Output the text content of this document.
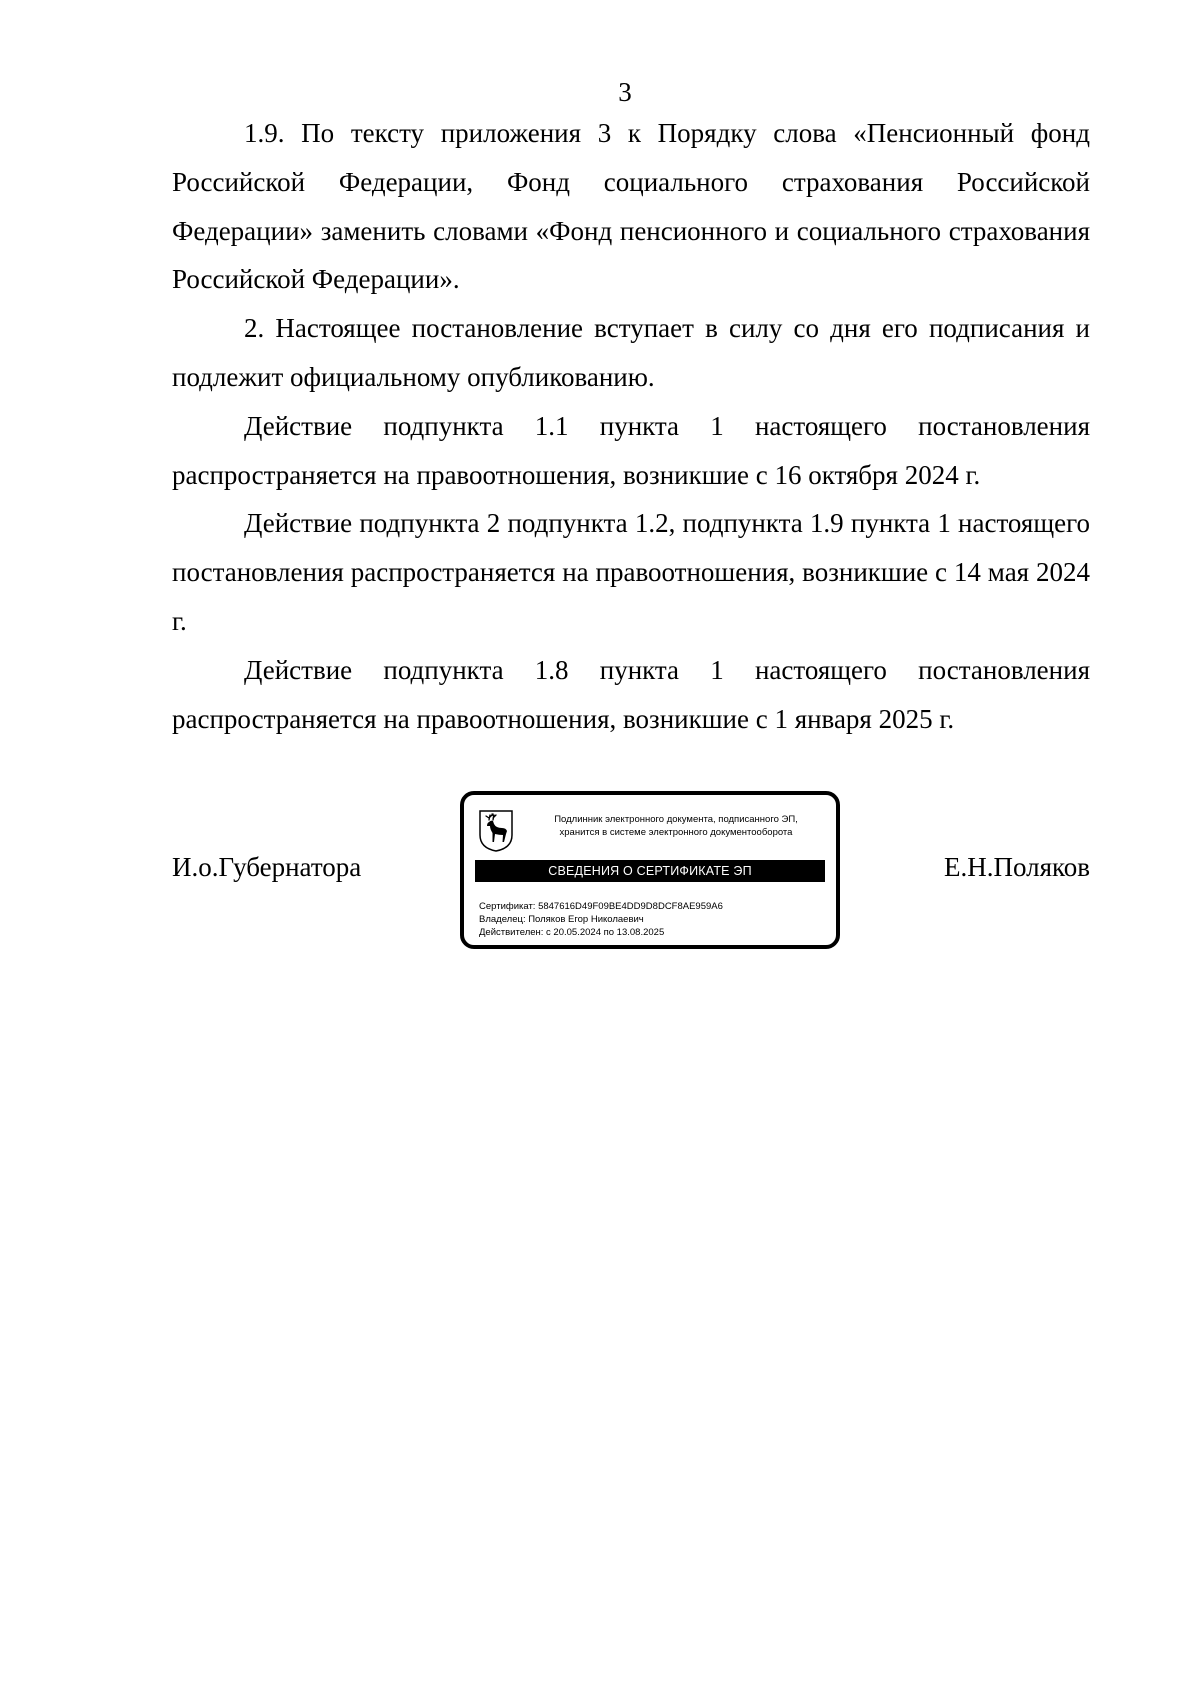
3

1.9. По тексту приложения 3 к Порядку слова «Пенсионный фонд Российской Федерации, Фонд социального страхования Российской Федерации» заменить словами «Фонд пенсионного и социального страхования Российской Федерации».

2. Настоящее постановление вступает в силу со дня его подписания и подлежит официальному опубликованию.

Действие подпункта 1.1 пункта 1 настоящего постановления распространяется на правоотношения, возникшие с 16 октября 2024 г.

Действие подпункта 2 подпункта 1.2, подпункта 1.9 пункта 1 настоящего постановления распространяется на правоотношения, возникшие с 14 мая 2024 г.

Действие подпункта 1.8 пункта 1 настоящего постановления распространяется на правоотношения, возникшие с 1 января 2025 г.

И.о.Губернатора
Подлинник электронного документа, подписанного ЭП,
хранится в системе электронного документооборота
СВЕДЕНИЯ О СЕРТИФИКАТЕ ЭП
Сертификат: 5847616D49F09BE4DD9D8DCF8AE959A6
Владелец: Поляков Егор Николаевич
Действителен: с 20.05.2024 по 13.08.2025
Е.Н.Поляков
